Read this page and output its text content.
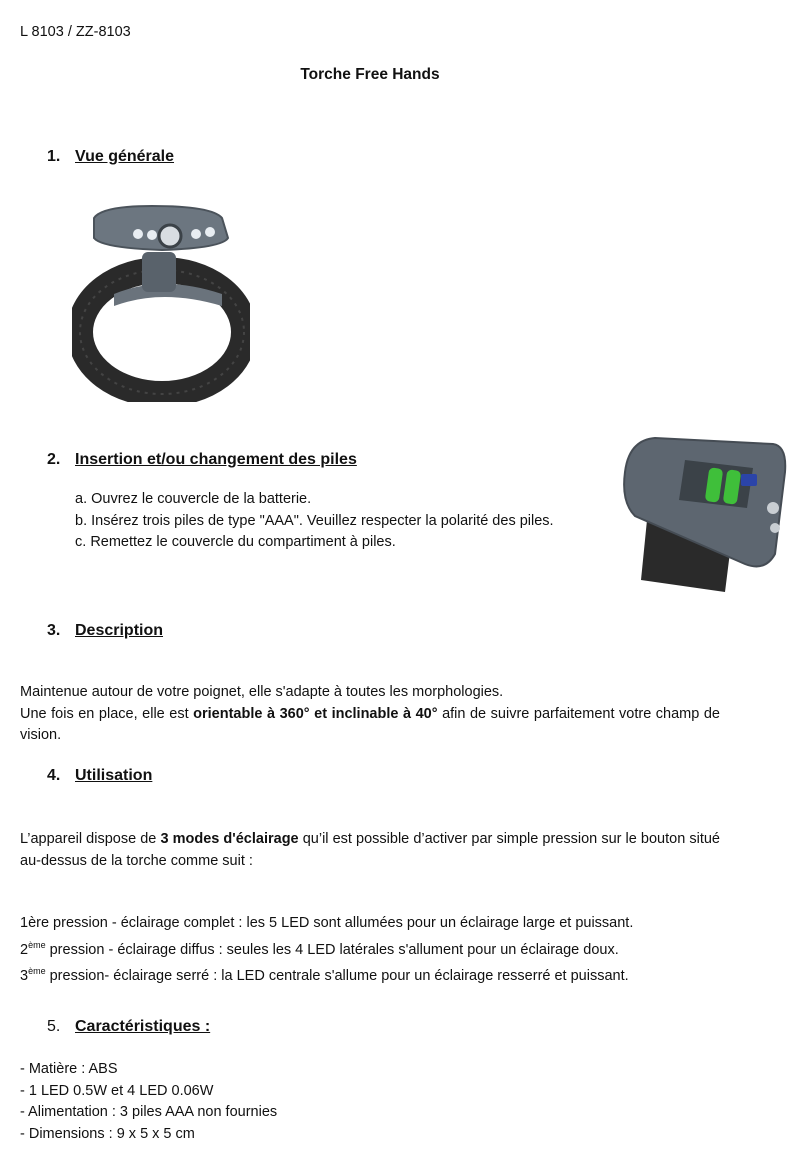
L 8103 / ZZ-8103
Torche Free Hands
1. Vue générale
2. Insertion et/ou changement des piles
a. Ouvrez le couvercle de la batterie.
b. Insérez trois piles de type "AAA". Veuillez respecter la polarité des piles.
c. Remettez le couvercle du compartiment à piles.
3. Description
Maintenue autour de votre poignet, elle s'adapte à toutes les morphologies.
Une fois en place, elle est orientable à 360° et inclinable à 40° afin de suivre parfaitement votre champ de vision.
4. Utilisation
L’appareil dispose de 3 modes d'éclairage qu’il est possible d’activer par simple pression sur le bouton situé au-dessus de la torche comme suit :
1ère pression - éclairage complet : les 5 LED sont allumées pour un éclairage large et puissant.
2ème pression - éclairage diffus : seules les 4 LED latérales s'allument pour un éclairage doux.
3ème pression- éclairage serré : la LED centrale s'allume pour un éclairage resserré et puissant.
5. Caractéristiques :
- Matière : ABS
- 1 LED 0.5W et 4 LED 0.06W
- Alimentation : 3 piles AAA non fournies
- Dimensions : 9 x 5 x 5 cm
